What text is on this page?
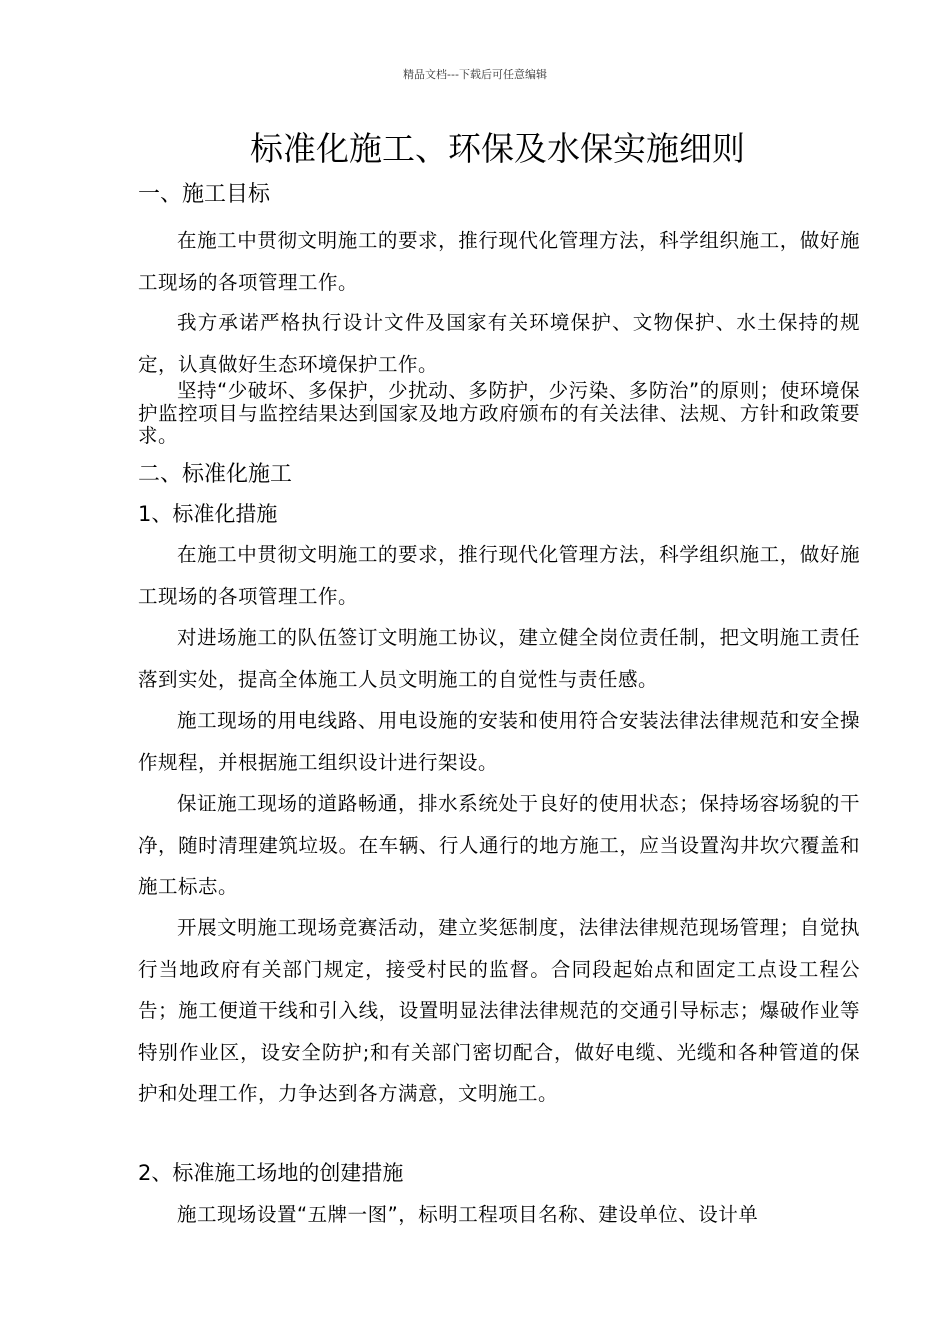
精品文档---下载后可任意编辑
标准化施工、环保及水保实施细则
一、施工目标
在施工中贯彻文明施工的要求，推行现代化管理方法，科学组织施工，做好施工现场的各项管理工作。
我方承诺严格执行设计文件及国家有关环境保护、文物保护、水土保持的规定，认真做好生态环境保护工作。
坚持“少破坏、多保护，少扰动、多防护，少污染、多防治”的原则；使环境保护监控项目与监控结果达到国家及地方政府颁布的有关法律、法规、方针和政策要求。
二、标准化施工
1、标准化措施
在施工中贯彻文明施工的要求，推行现代化管理方法，科学组织施工，做好施工现场的各项管理工作。
对进场施工的队伍签订文明施工协议，建立健全岗位责任制，把文明施工责任落到实处，提高全体施工人员文明施工的自觉性与责任感。
施工现场的用电线路、用电设施的安装和使用符合安装法律法律规范和安全操作规程，并根据施工组织设计进行架设。
保证施工现场的道路畅通，排水系统处于良好的使用状态；保持场容场貌的干净，随时清理建筑垃圾。在车辆、行人通行的地方施工，应当设置沟井坎穴覆盖和施工标志。
开展文明施工现场竞赛活动，建立奖惩制度，法律法律规范现场管理；自觉执行当地政府有关部门规定，接受村民的监督。合同段起始点和固定工点设工程公告；施工便道干线和引入线，设置明显法律法律规范的交通引导标志；爆破作业等特别作业区，设安全防护;和有关部门密切配合，做好电缆、光缆和各种管道的保护和处理工作，力争达到各方满意，文明施工。
2、标准施工场地的创建措施
施工现场设置“五牌一图”，标明工程项目名称、建设单位、设计单
